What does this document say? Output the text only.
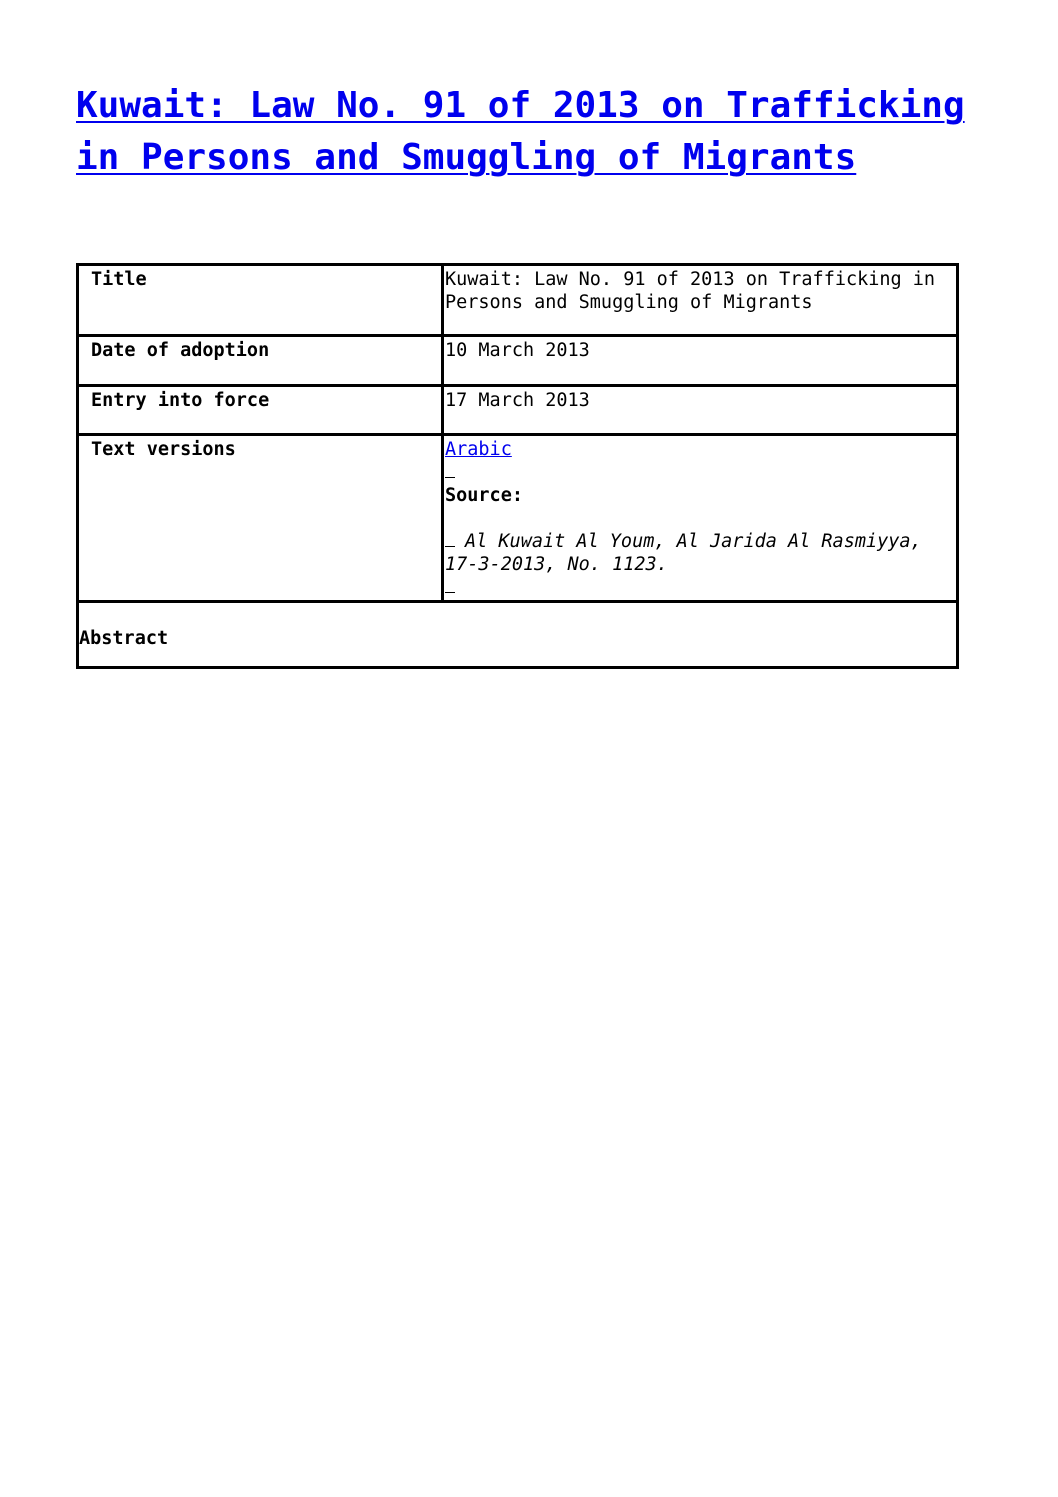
Kuwait: Law No. 91 of 2013 on Trafficking in Persons and Smuggling of Migrants
Title	Kuwait: Law No. 91 of 2013 on Trafficking in Persons and Smuggling of Migrants
Date of adoption	10 March 2013
Entry into force	17 March 2013
Text versions	Arabic
Source:
Al Kuwait Al Youm, Al Jarida Al Rasmiyya, 17-3-2013, No. 1123.

Abstract	
